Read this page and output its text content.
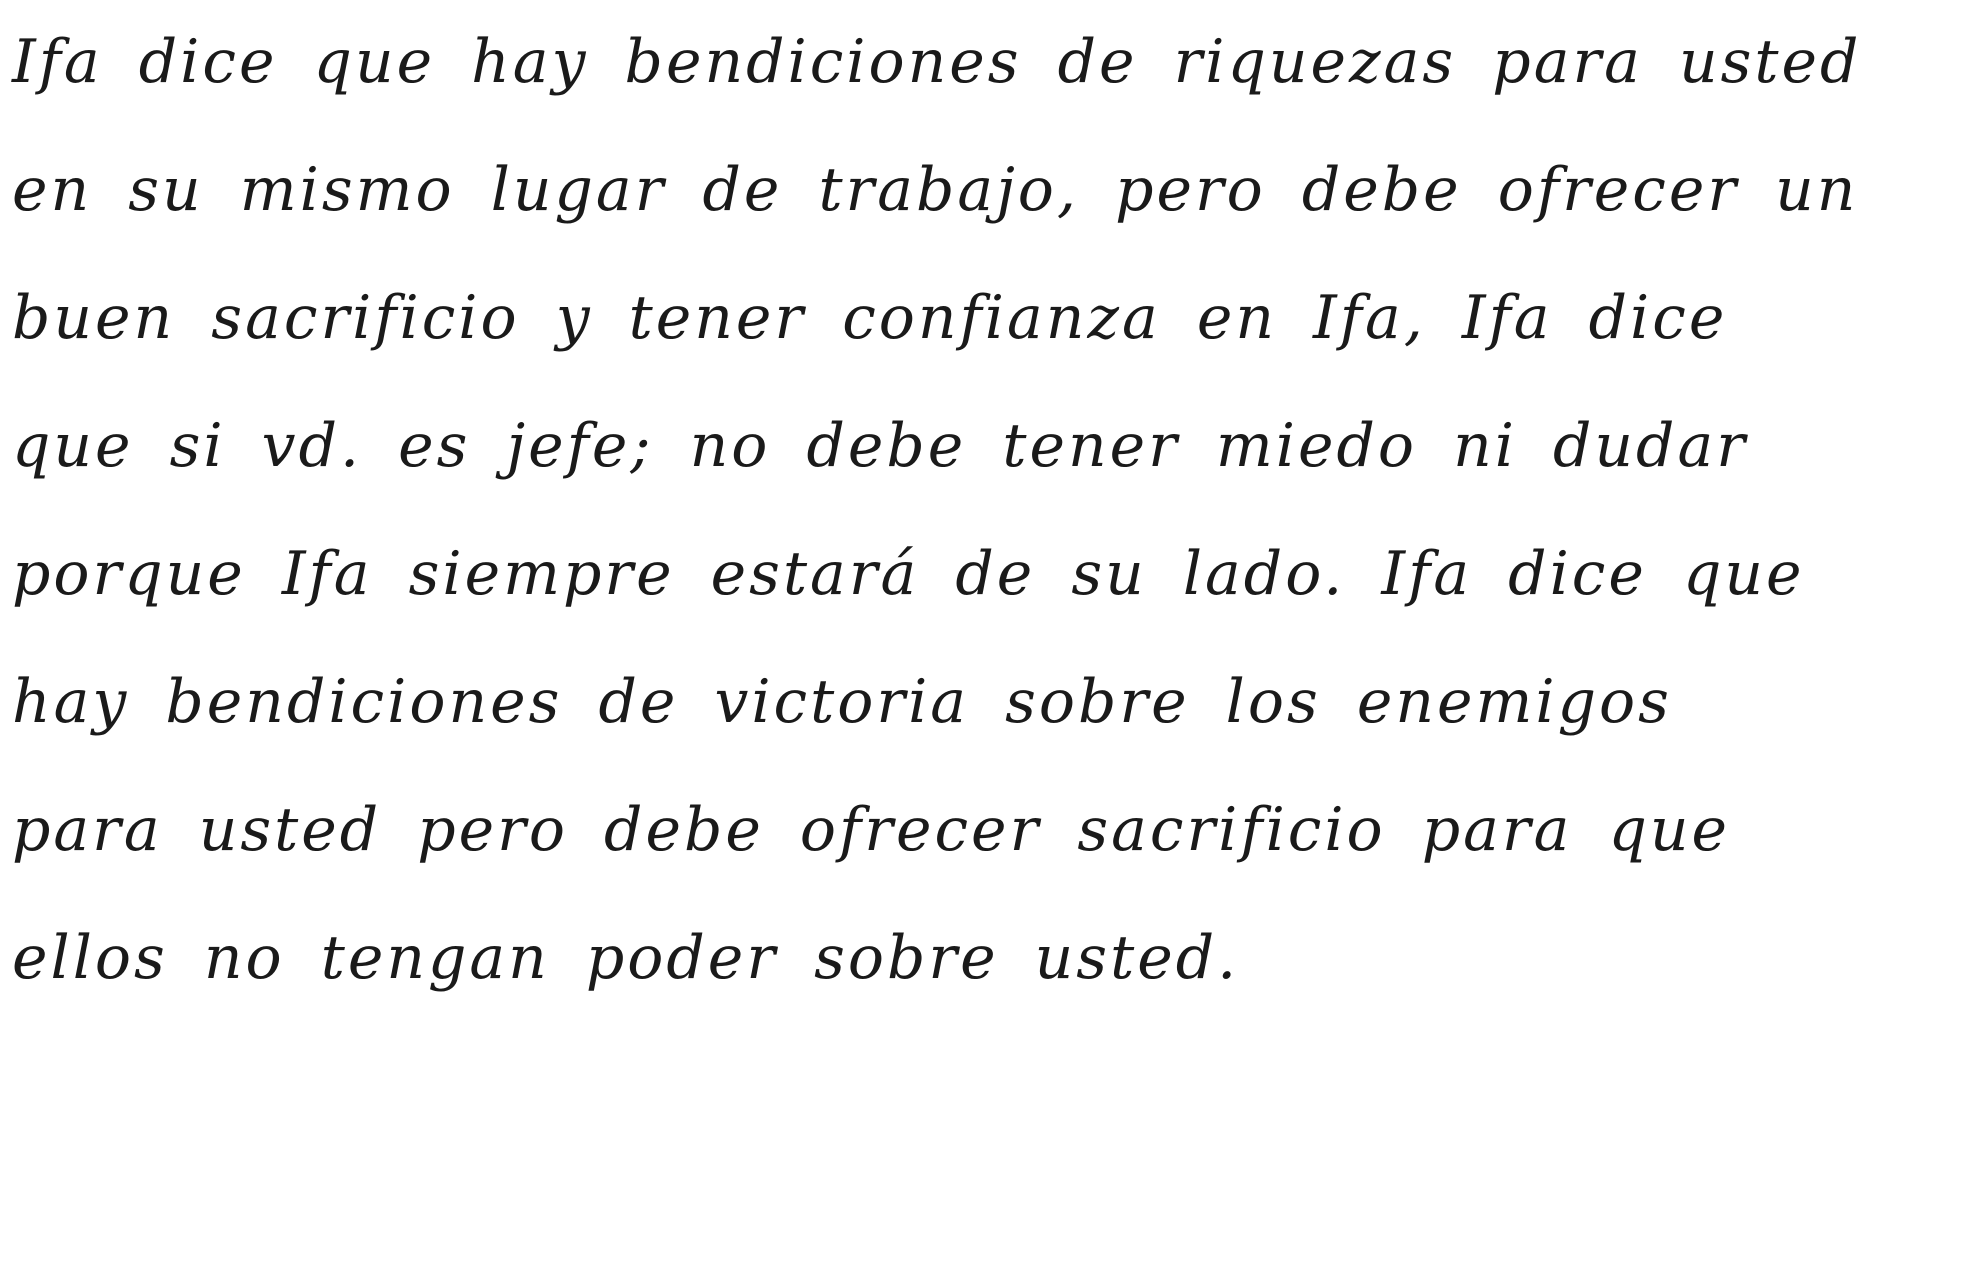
Ifa dice que hay bendiciones de riquezas para usted
en su mismo lugar de trabajo, pero debe ofrecer un
buen sacrificio y tener confianza en Ifa, Ifa dice
que si vd. es jefe; no debe tener miedo ni dudar
porque Ifa siempre estará de su lado. Ifa dice que
hay bendiciones de victoria sobre los enemigos
para usted pero debe ofrecer sacrificio para que
ellos no tengan poder sobre usted.
